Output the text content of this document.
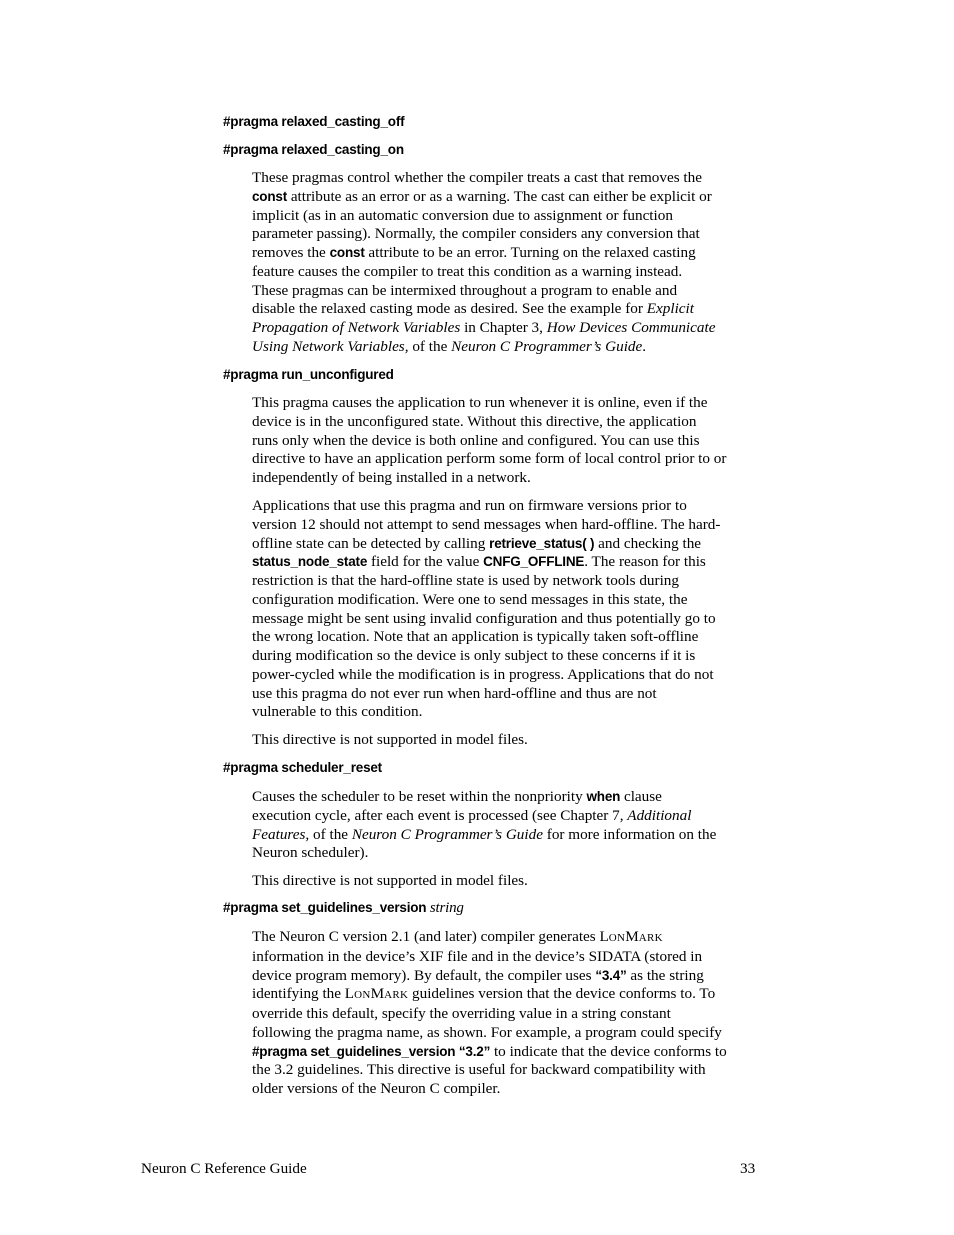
#pragma relaxed_casting_off
#pragma relaxed_casting_on
These pragmas control whether the compiler treats a cast that removes the
const attribute as an error or as a warning. The cast can either be explicit or
implicit (as in an automatic conversion due to assignment or function
parameter passing). Normally, the compiler considers any conversion that
removes the const attribute to be an error. Turning on the relaxed casting
feature causes the compiler to treat this condition as a warning instead.
These pragmas can be intermixed throughout a program to enable and
disable the relaxed casting mode as desired. See the example for Explicit
Propagation of Network Variables in Chapter 3, How Devices Communicate
Using Network Variables, of the Neuron C Programmer’s Guide.
#pragma run_unconfigured
This pragma causes the application to run whenever it is online, even if the
device is in the unconfigured state. Without this directive, the application
runs only when the device is both online and configured. You can use this
directive to have an application perform some form of local control prior to or
independently of being installed in a network.
Applications that use this pragma and run on firmware versions prior to
version 12 should not attempt to send messages when hard-offline. The hard-
offline state can be detected by calling retrieve_status( ) and checking the
status_node_state field for the value CNFG_OFFLINE. The reason for this
restriction is that the hard-offline state is used by network tools during
configuration modification. Were one to send messages in this state, the
message might be sent using invalid configuration and thus potentially go to
the wrong location. Note that an application is typically taken soft-offline
during modification so the device is only subject to these concerns if it is
power-cycled while the modification is in progress. Applications that do not
use this pragma do not ever run when hard-offline and thus are not
vulnerable to this condition.
This directive is not supported in model files.
#pragma scheduler_reset
Causes the scheduler to be reset within the nonpriority when clause
execution cycle, after each event is processed (see Chapter 7, Additional
Features, of the Neuron C Programmer’s Guide for more information on the
Neuron scheduler).
This directive is not supported in model files.
#pragma set_guidelines_version string
The Neuron C version 2.1 (and later) compiler generates LONMARK
information in the device’s XIF file and in the device’s SIDATA (stored in
device program memory). By default, the compiler uses “3.4” as the string
identifying the LONMARK guidelines version that the device conforms to. To
override this default, specify the overriding value in a string constant
following the pragma name, as shown. For example, a program could specify
#pragma set_guidelines_version “3.2” to indicate that the device conforms to
the 3.2 guidelines. This directive is useful for backward compatibility with
older versions of the Neuron C compiler.
Neuron C Reference Guide	33
